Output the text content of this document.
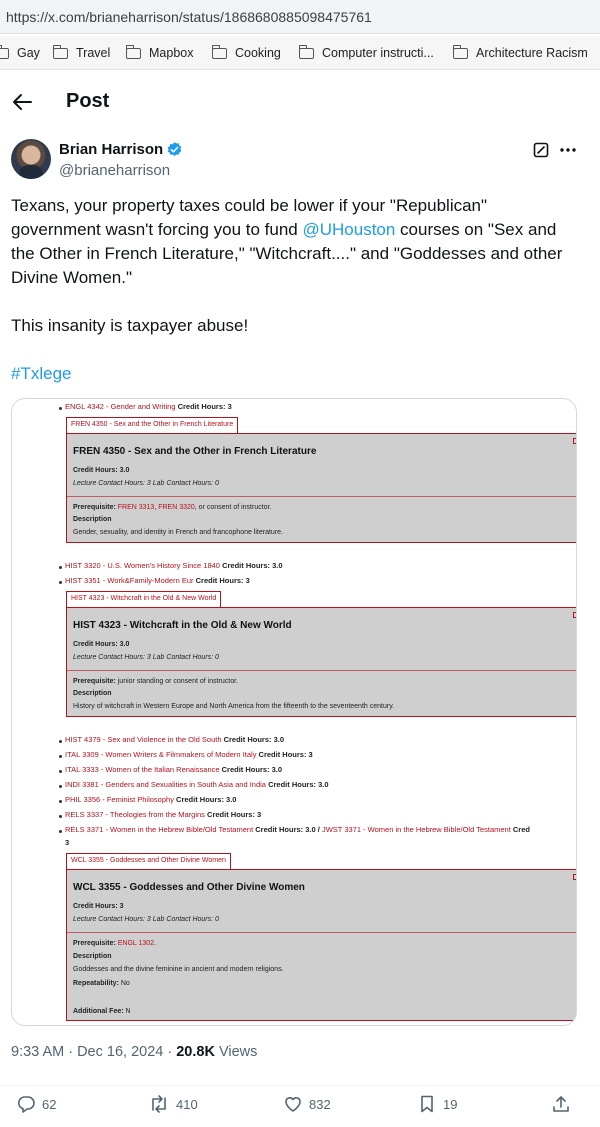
https://x.com/brianeharrison/status/1868680885098475761
Gay	Travel	Mapbox	Cooking	Computer instructi...	Architecture Racism
Post
Brian Harrison
@brianeharrison

Texans, your property taxes could be lower if your "Republican"

government wasn't forcing you to fund @UHouston courses on "Sex and

the Other in French Literature," "Witchcraft...." and "Goddesses and other

Divine Women."

This insanity is taxpayer abuse!

#Txlege

ENGL 4342 - Gender and Writing Credit Hours: 3
FREN 4350 - Sex and the Other in French Literature
FREN 4350 - Sex and the Other in French Literature
Credit Hours: 3.0
Lecture Contact Hours: 3 Lab Contact Hours: 0
Prerequisite: FREN 3313, FREN 3320, or consent of instructor.
Description
Gender, sexuality, and identity in French and francophone literature.
HIST 3320 - U.S. Women's History Since 1840 Credit Hours: 3.0
HIST 3351 - Work&Family-Modern Eur Credit Hours: 3
HIST 4323 - Witchcraft in the Old & New World
HIST 4323 - Witchcraft in the Old & New World
Credit Hours: 3.0
Lecture Contact Hours: 3 Lab Contact Hours: 0
Prerequisite: junior standing or consent of instructor.
Description
History of witchcraft in Western Europe and North America from the fifteenth to the seventeenth century.
HIST 4379 - Sex and Violence in the Old South Credit Hours: 3.0
ITAL 3309 - Women Writers & Filmmakers of Modern Italy Credit Hours: 3
ITAL 3333 - Women of the Italian Renaissance Credit Hours: 3.0
INDI 3381 - Genders and Sexualities in South Asia and India Credit Hours: 3.0
PHIL 3356 - Feminist Philosophy Credit Hours: 3.0
RELS 3337 - Theologies from the Margins Credit Hours: 3
RELS 3371 - Women in the Hebrew Bible/Old Testament Credit Hours: 3.0 / JWST 3371 - Women in the Hebrew Bible/Old Testament Cred
3
WCL 3355 - Goddesses and Other Divine Women
WCL 3355 - Goddesses and Other Divine Women
Credit Hours: 3
Lecture Contact Hours: 3 Lab Contact Hours: 0
Prerequisite: ENGL 1302.
Description
Goddesses and the divine feminine in ancient and modern religions.
Repeatability: No
Additional Fee: N
9:33 AM · Dec 16, 2024 · 20.8K Views
62	410	832	19
